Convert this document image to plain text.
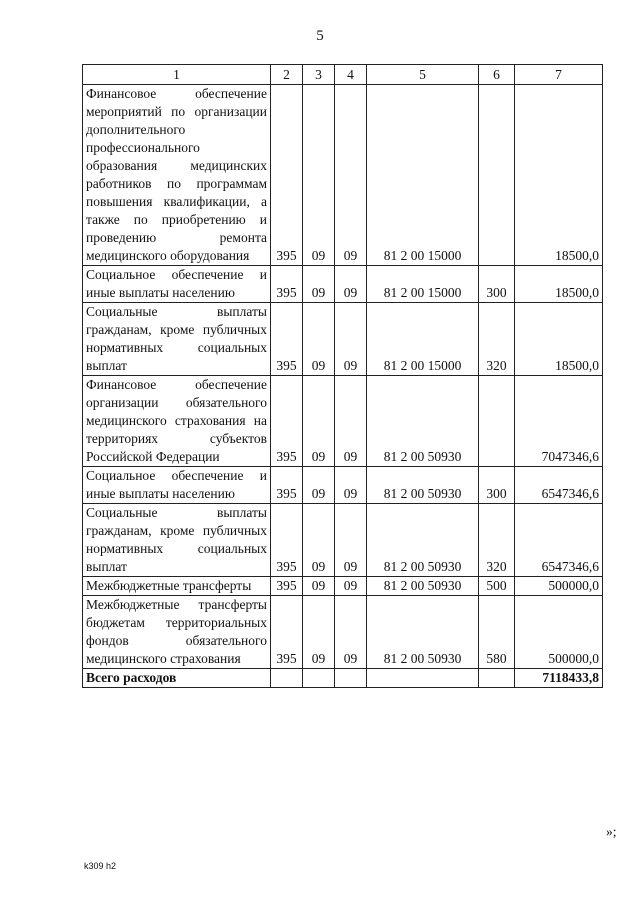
5
1	2	3	4	5	6	7
Финансовое обеспечение мероприятий по организации дополнительного профессионального образования медицинских работников по программам повышения квалификации, а также по приобретению и проведению ремонта медицинского оборудования	395	09	09	81 2 00 15000		18500,0
Социальное обеспечение и иные выплаты населению	395	09	09	81 2 00 15000	300	18500,0
Социальные выплаты гражданам, кроме публичных нормативных социальных выплат	395	09	09	81 2 00 15000	320	18500,0
Финансовое обеспечение организации обязательного медицинского страхования на территориях субъектов Российской Федерации	395	09	09	81 2 00 50930		7047346,6
Социальное обеспечение и иные выплаты населению	395	09	09	81 2 00 50930	300	6547346,6
Социальные выплаты гражданам, кроме публичных нормативных социальных выплат	395	09	09	81 2 00 50930	320	6547346,6
Межбюджетные трансферты	395	09	09	81 2 00 50930	500	500000,0
Межбюджетные трансферты бюджетам территориальных фондов обязательного медицинского страхования	395	09	09	81 2 00 50930	580	500000,0
Всего расходов						7118433,8
»;
k309 h2
